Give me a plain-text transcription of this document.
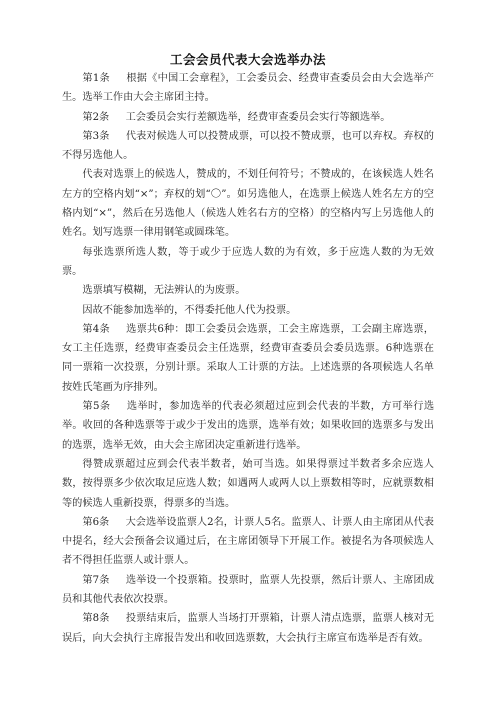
工会会员代表大会选举办法

第1条 根据《中国工会章程》，工会委员会、经费审查委员会由大会选举产生。选举工作由大会主席团主持。

第2条 工会委员会实行差额选举，经费审查委员会实行等额选举。

第3条 代表对候选人可以投赞成票，可以投不赞成票，也可以弃权。弃权的不得另选他人。

代表对选票上的候选人，赞成的，不划任何符号；不赞成的，在该候选人姓名左方的空格内划“×”；弃权的划“〇”。如另选他人，在选票上候选人姓名左方的空格内划“×”，然后在另选他人（候选人姓名右方的空格）的空格内写上另选他人的姓名。划写选票一律用钢笔或圆珠笔。

每张选票所选人数，等于或少于应选人数的为有效，多于应选人数的为无效票。

选票填写模糊，无法辨认的为废票。

因故不能参加选举的，不得委托他人代为投票。

第4条 选票共6种：即工会委员会选票，工会主席选票，工会副主席选票，女工主任选票，经费审查委员会主任选票，经费审查委员会委员选票。6种选票在同一票箱一次投票，分别计票。采取人工计票的方法。上述选票的各项候选人名单按姓氏笔画为序排列。

第5条 选举时，参加选举的代表必须超过应到会代表的半数，方可举行选举。收回的各种选票等于或少于发出的选票，选举有效；如果收回的选票多与发出的选票，选举无效，由大会主席团决定重新进行选举。

得赞成票超过应到会代表半数者，始可当选。如果得票过半数者多余应选人数，按得票多少依次取足应选人数；如遇两人或两人以上票数相等时，应就票数相等的候选人重新投票，得票多的当选。

第6条 大会选举设监票人2名，计票人5名。监票人、计票人由主席团从代表中提名，经大会预备会议通过后，在主席团领导下开展工作。被提名为各项候选人者不得担任监票人或计票人。

第7条 选举设一个投票箱。投票时，监票人先投票，然后计票人、主席团成员和其他代表依次投票。

第8条 投票结束后，监票人当场打开票箱，计票人清点选票，监票人核对无误后，向大会执行主席报告发出和收回选票数，大会执行主席宣布选举是否有效。
